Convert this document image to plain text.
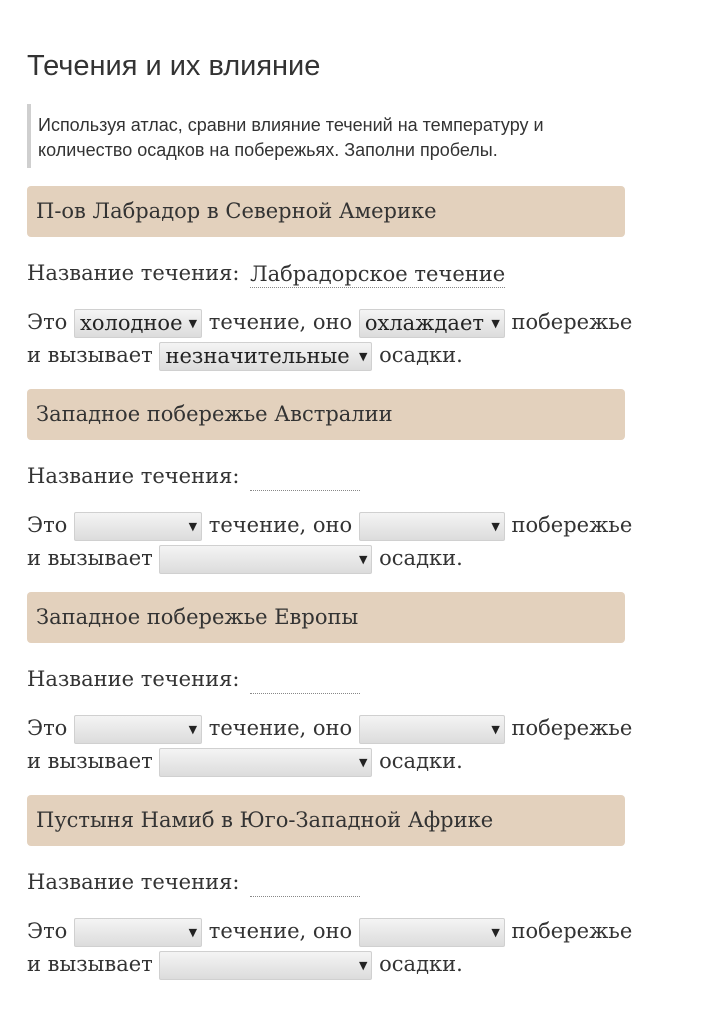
Течения и их влияние
Используя атлас, сравни влияние течений на температуру и количество осадков на побережьях. Заполни пробелы.
П-ов Лабрадор в Северной Америке
Название течения: Лабрадорское течение
Это холодное ▼ течение, оно охлаждает ▼ побережье
и вызывает незначительные ▼ осадки.
Западное побережье Австралии
Название течения:
Это	▼ течение, оно	▼ побережье
и вызывает	▼ осадки.
Западное побережье Европы
Название течения:
Это	▼ течение, оно	▼ побережье
и вызывает	▼ осадки.
Пустыня Намиб в Юго-Западной Африке
Название течения:
Это	▼ течение, оно	▼ побережье
и вызывает	▼ осадки.
